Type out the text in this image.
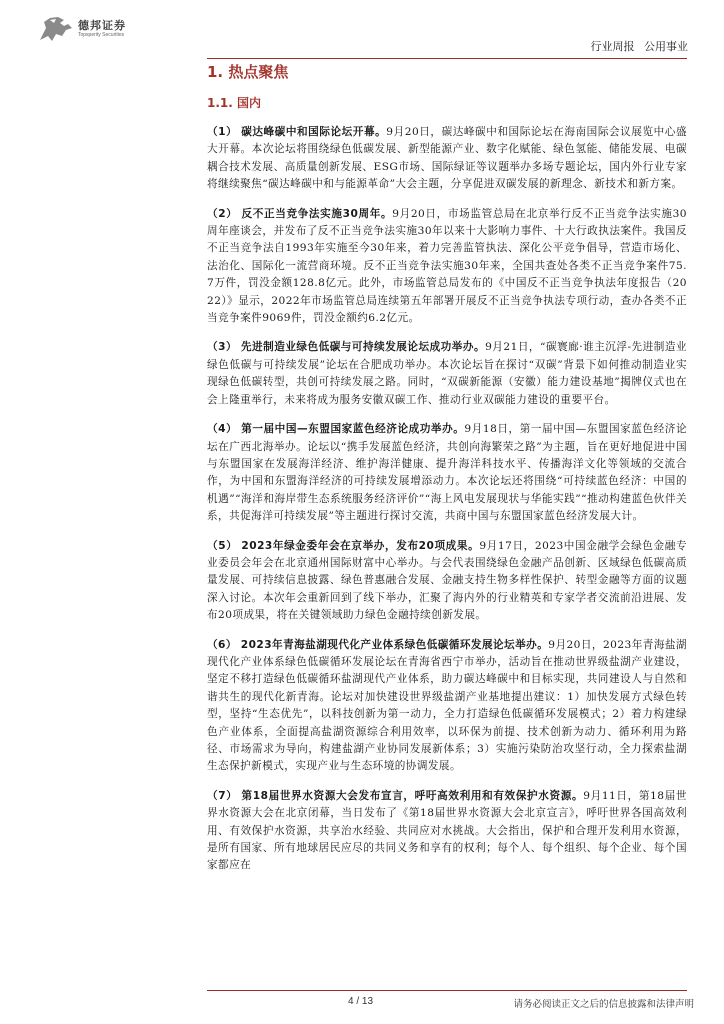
德邦证券
Topsperity Securities
行业周报 公用事业
1. 热点聚焦
1.1. 国内
（1） 碳达峰碳中和国际论坛开幕。9月20日，碳达峰碳中和国际论坛在海南国际会议展览中心盛大开幕。本次论坛将围绕绿色低碳发展、新型能源产业、数字化赋能、绿色氢能、储能发展、电碳耦合技术发展、高质量创新发展、ESG市场、国际绿证等议题举办多场专题论坛，国内外行业专家将继续聚焦“碳达峰碳中和与能源革命”大会主题，分享促进双碳发展的新理念、新技术和新方案。
（2） 反不正当竞争法实施30周年。9月20日，市场监管总局在北京举行反不正当竞争法实施30周年座谈会，并发布了反不正当竞争法实施30年以来十大影响力事件、十大行政执法案件。我国反不正当竞争法自1993年实施至今30年来，着力完善监管执法、深化公平竞争倡导，营造市场化、法治化、国际化一流营商环境。反不正当竞争法实施30年来，全国共查处各类不正当竞争案件75.7万件，罚没金额128.8亿元。此外，市场监管总局发布的《中国反不正当竞争执法年度报告（2022）》显示，2022年市场监管总局连续第五年部署开展反不正当竞争执法专项行动，查办各类不正当竞争案件9069件，罚没金额约6.2亿元。
（3） 先进制造业绿色低碳与可持续发展论坛成功举办。9月21日，“碳寰廊·谁主沉浮-先进制造业绿色低碳与可持续发展”论坛在合肥成功举办。本次论坛旨在探讨“双碳”背景下如何推动制造业实现绿色低碳转型，共创可持续发展之路。同时，“双碳新能源（安徽）能力建设基地”揭牌仪式也在会上隆重举行，未来将成为服务安徽双碳工作、推动行业双碳能力建设的重要平台。
（4） 第一届中国—东盟国家蓝色经济论成功举办。9月18日，第一届中国—东盟国家蓝色经济论坛在广西北海举办。论坛以“携手发展蓝色经济，共创向海繁荣之路”为主题，旨在更好地促进中国与东盟国家在发展海洋经济、维护海洋健康、提升海洋科技水平、传播海洋文化等领域的交流合作，为中国和东盟海洋经济的可持续发展增添动力。本次论坛还将围绕“可持续蓝色经济：中国的机遇”“海洋和海岸带生态系统服务经济评价”“海上风电发展现状与华能实践”“推动构建蓝色伙伴关系，共促海洋可持续发展”等主题进行探讨交流，共商中国与东盟国家蓝色经济发展大计。
（5） 2023年绿金委年会在京举办，发布20项成果。9月17日，2023中国金融学会绿色金融专业委员会年会在北京通州国际财富中心举办。与会代表围绕绿色金融产品创新、区域绿色低碳高质量发展、可持续信息披露、绿色普惠融合发展、金融支持生物多样性保护、转型金融等方面的议题深入讨论。本次年会重新回到了线下举办，汇聚了海内外的行业精英和专家学者交流前沿进展、发布20项成果，将在关键领域助力绿色金融持续创新发展。
（6） 2023年青海盐湖现代化产业体系绿色低碳循环发展论坛举办。9月20日，2023年青海盐湖现代化产业体系绿色低碳循环发展论坛在青海省西宁市举办，活动旨在推动世界级盐湖产业建设，坚定不移打造绿色低碳循环盐湖现代产业体系，助力碳达峰碳中和目标实现，共同建设人与自然和谐共生的现代化新青海。论坛对加快建设世界级盐湖产业基地提出建议：1）加快发展方式绿色转型，坚持“生态优先”，以科技创新为第一动力，全力打造绿色低碳循环发展模式；2）着力构建绿色产业体系，全面提高盐湖资源综合利用效率，以环保为前提、技术创新为动力、循环利用为路径、市场需求为导向，构建盐湖产业协同发展新体系；3）实施污染防治攻坚行动，全力探索盐湖生态保护新模式，实现产业与生态环境的协调发展。
（7） 第18届世界水资源大会发布宣言，呼吁高效利用和有效保护水资源。9月11日，第18届世界水资源大会在北京闭幕，当日发布了《第18届世界水资源大会北京宣言》，呼吁世界各国高效利用、有效保护水资源，共享治水经验、共同应对水挑战。大会指出，保护和合理开发利用水资源，是所有国家、所有地球居民应尽的共同义务和享有的权利；每个人、每个组织、每个企业、每个国家都应在
4 / 13	请务必阅读正文之后的信息披露和法律声明
